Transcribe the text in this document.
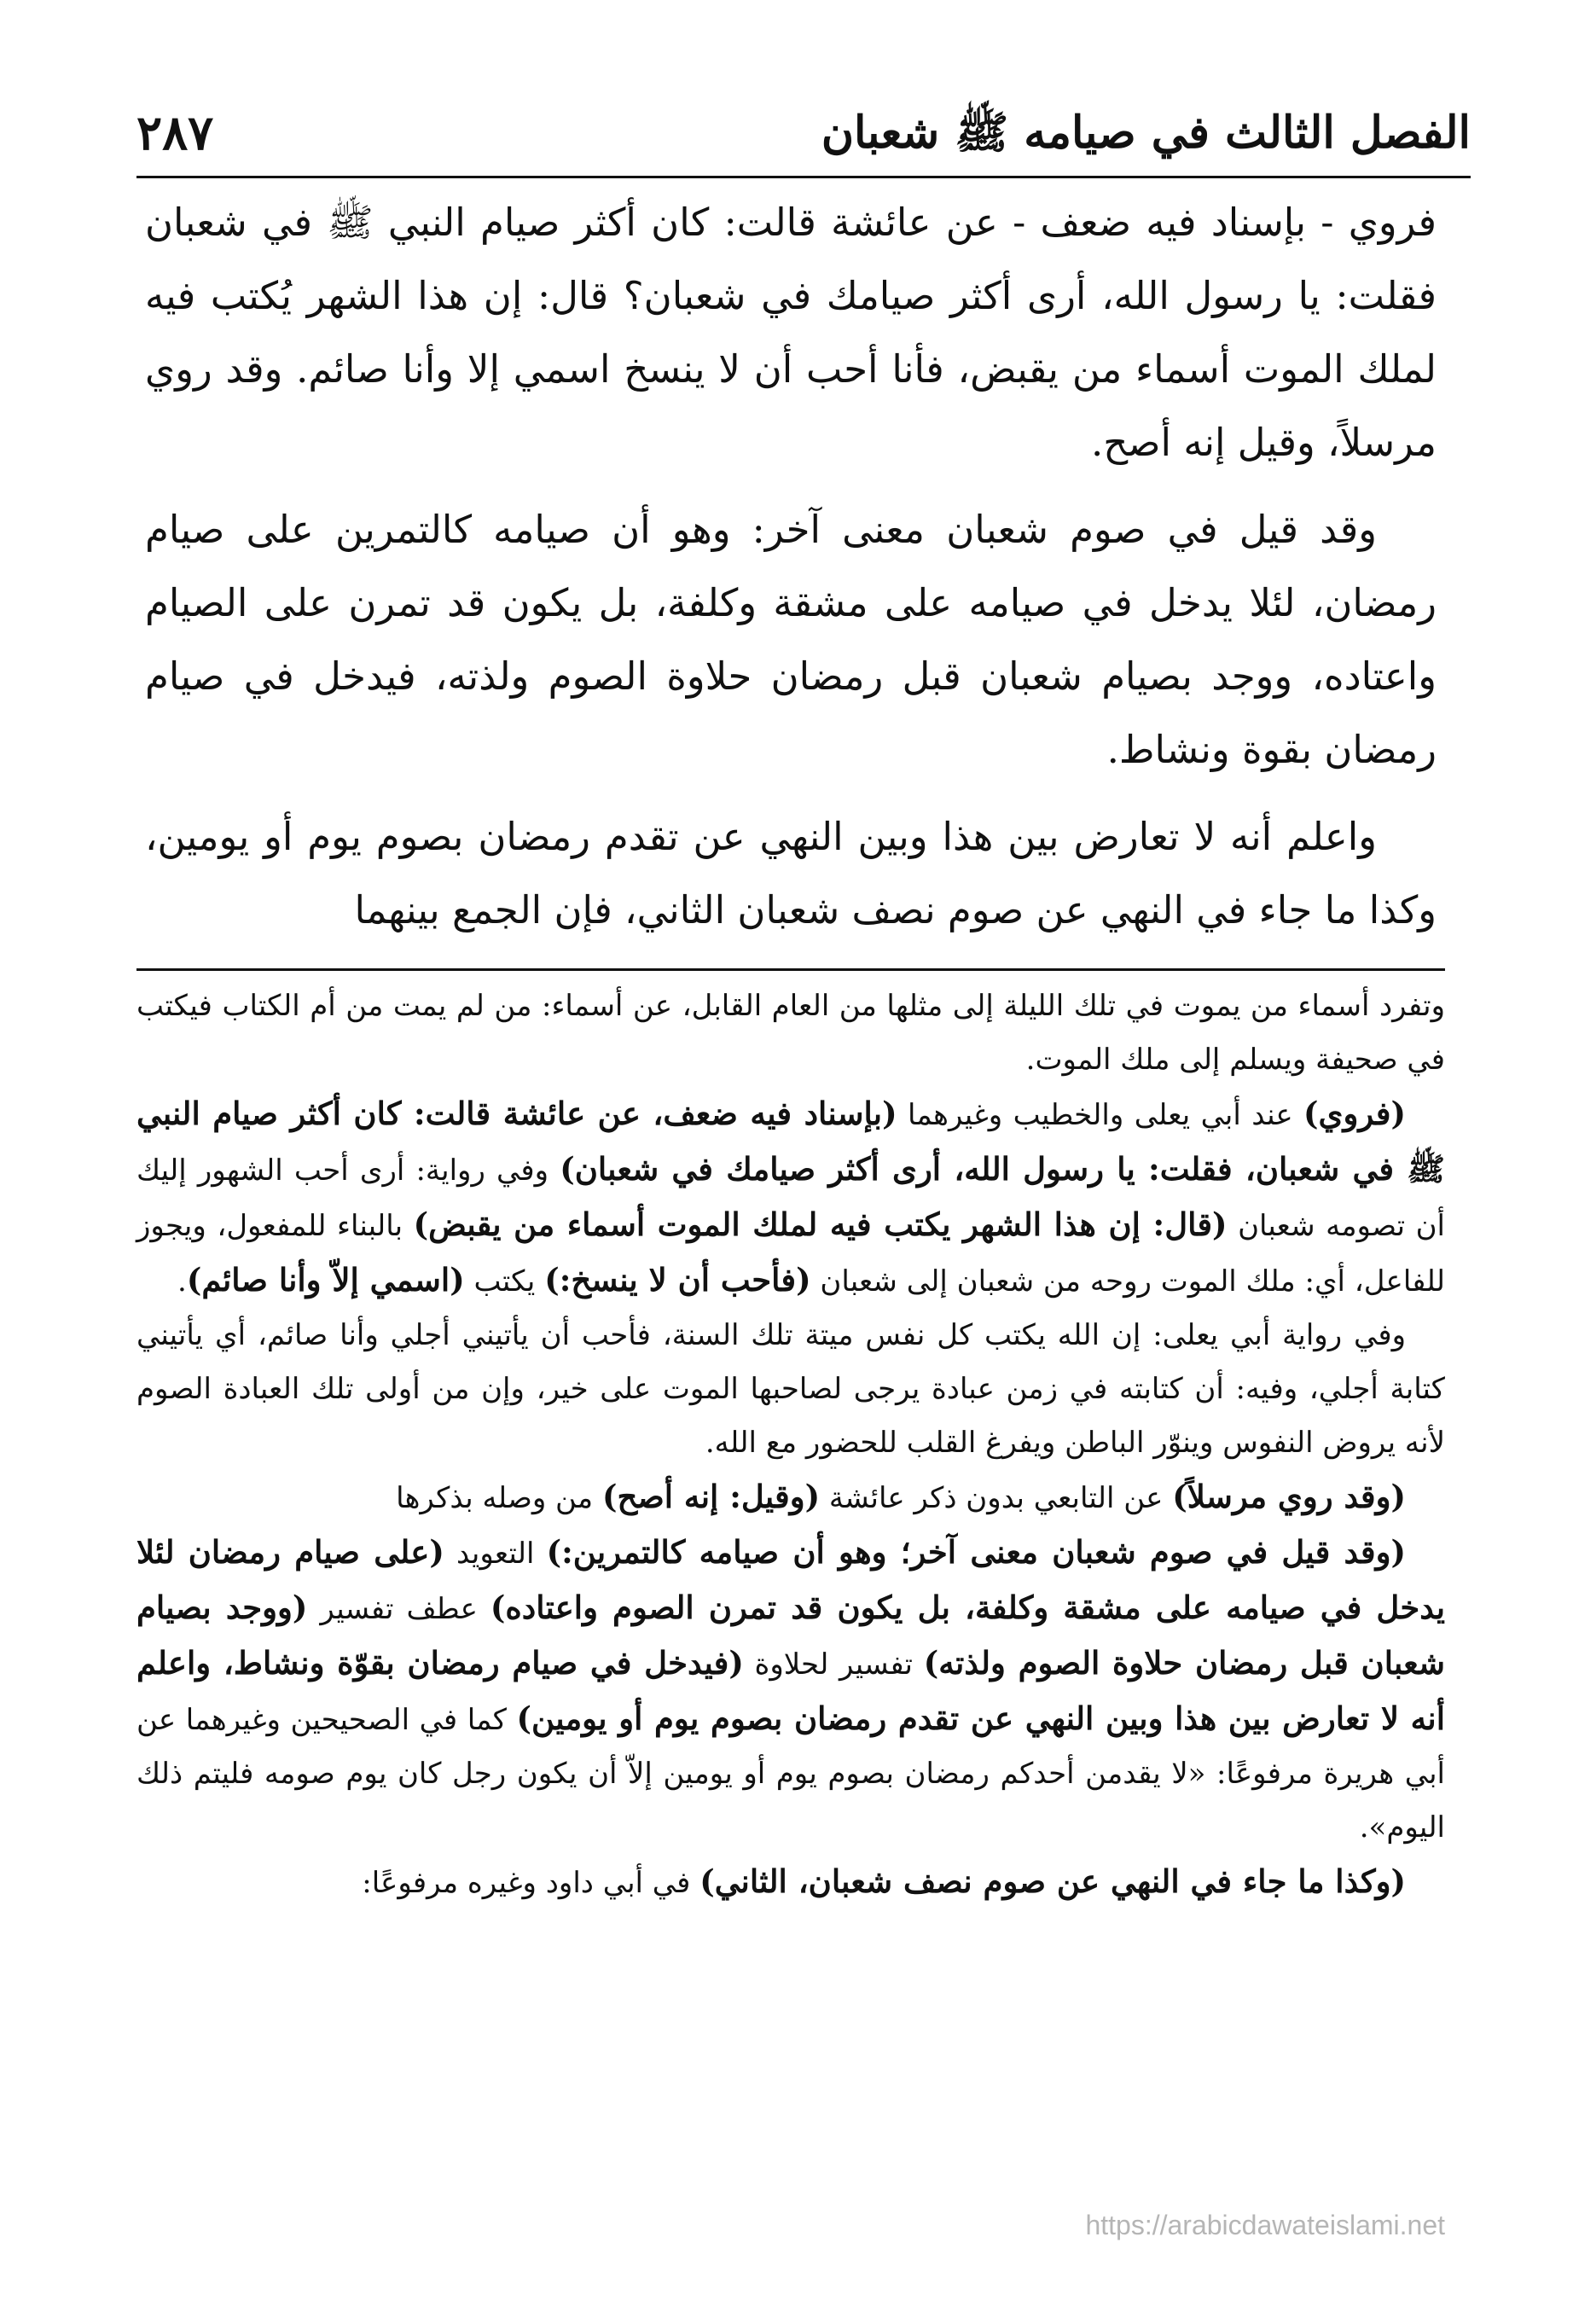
الفصل الثالث في صيامه ﷺ شعبان
٢٨٧

فروي - بإسناد فيه ضعف - عن عائشة قالت: كان أكثر صيام النبي ﷺ في شعبان فقلت: يا رسول الله، أرى أكثر صيامك في شعبان؟ قال: إن هذا الشهر يُكتب فيه لملك الموت أسماء من يقبض، فأنا أحب أن لا ينسخ اسمي إلا وأنا صائم. وقد روي مرسلاً، وقيل إنه أصح.

وقد قيل في صوم شعبان معنى آخر: وهو أن صيامه كالتمرين على صيام رمضان، لئلا يدخل في صيامه على مشقة وكلفة، بل يكون قد تمرن على الصيام واعتاده، ووجد بصيام شعبان قبل رمضان حلاوة الصوم ولذته، فيدخل في صيام رمضان بقوة ونشاط.

واعلم أنه لا تعارض بين هذا وبين النهي عن تقدم رمضان بصوم يوم أو يومين، وكذا ما جاء في النهي عن صوم نصف شعبان الثاني، فإن الجمع بينهما

وتفرد أسماء من يموت في تلك الليلة إلى مثلها من العام القابل، عن أسماء: من لم يمت من أم الكتاب فيكتب في صحيفة ويسلم إلى ملك الموت.

(فروي) عند أبي يعلى والخطيب وغيرهما (بإسناد فيه ضعف، عن عائشة قالت: كان أكثر صيام النبي ﷺ في شعبان، فقلت: يا رسول الله، أرى أكثر صيامك في شعبان) وفي رواية: أرى أحب الشهور إليك أن تصومه شعبان (قال: إن هذا الشهر يكتب فيه لملك الموت أسماء من يقبض) بالبناء للمفعول، ويجوز للفاعل، أي: ملك الموت روحه من شعبان إلى شعبان (فأحب أن لا ينسخ:) يكتب (اسمي إلاّ وأنا صائم).

وفي رواية أبي يعلى: إن الله يكتب كل نفس ميتة تلك السنة، فأحب أن يأتيني أجلي وأنا صائم، أي يأتيني كتابة أجلي، وفيه: أن كتابته في زمن عبادة يرجى لصاحبها الموت على خير، وإن من أولى تلك العبادة الصوم لأنه يروض النفوس وينوّر الباطن ويفرغ القلب للحضور مع الله.

(وقد روي مرسلاً) عن التابعي بدون ذكر عائشة (وقيل: إنه أصح) من وصله بذكرها

(وقد قيل في صوم شعبان معنى آخر؛ وهو أن صيامه كالتمرين:) التعويد (على صيام رمضان لئلا يدخل في صيامه على مشقة وكلفة، بل يكون قد تمرن الصوم واعتاده) عطف تفسير (ووجد بصيام شعبان قبل رمضان حلاوة الصوم ولذته) تفسير لحلاوة (فيدخل في صيام رمضان بقوّة ونشاط، واعلم أنه لا تعارض بين هذا وبين النهي عن تقدم رمضان بصوم يوم أو يومين) كما في الصحيحين وغيرهما عن أبي هريرة مرفوعًا: «لا يقدمن أحدكم رمضان بصوم يوم أو يومين إلاّ أن يكون رجل كان يوم صومه فليتم ذلك اليوم».

(وكذا ما جاء في النهي عن صوم نصف شعبان، الثاني) في أبي داود وغيره مرفوعًا:

https://arabicdawateislami.net
